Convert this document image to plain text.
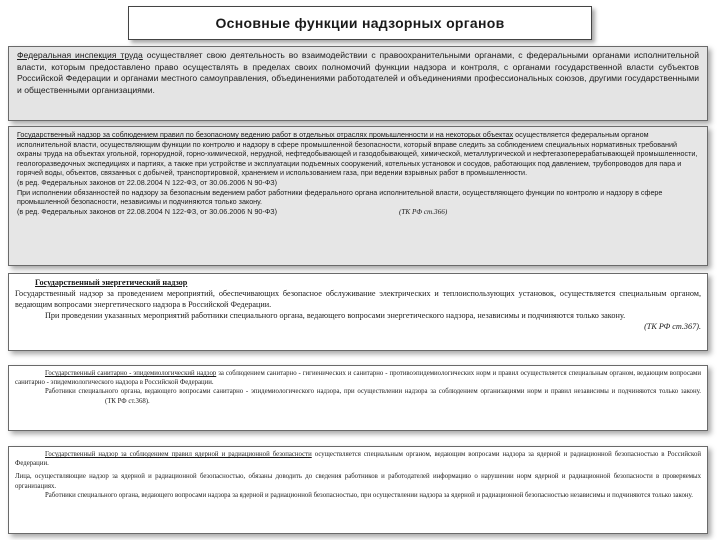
Основные функции надзорных органов

Федеральная инспекция труда осуществляет свою деятельность во взаимодействии с правоохранительными органами, с федеральными органами исполнительной власти, которым предоставлено право осуществлять в пределах своих полномочий функции надзора и контроля, с органами государственной власти субъектов Российской Федерации и органами местного самоуправления, объединениями работодателей и объединениями профессиональных союзов, другими государственными и общественными организациями.

Государственный надзор за соблюдением правил по безопасному ведению работ в отдельных отраслях промышленности и на некоторых объектах осуществляется федеральным органом исполнительной власти, осуществляющим функции по контролю и надзору в сфере промышленной безопасности, который вправе следить за соблюдением специальных нормативных требований охраны труда на объектах угольной, горнорудной, горно-химической, нерудной, нефтедобывающей и газодобывающей, химической, металлургической и нефтегазоперерабатывающей промышленности, геологоразведочных экспедициях и партиях, а также при устройстве и эксплуатации подъемных сооружений, котельных установок и сосудов, работающих под давлением, трубопроводов для пара и горячей воды, объектов, связанных с добычей, транспортировкой, хранением и использованием газа, при ведении взрывных работ в промышленности.

(в ред. Федеральных законов от 22.08.2004 N 122-ФЗ, от 30.06.2006 N 90-ФЗ)

При исполнении обязанностей по надзору за безопасным ведением работ работники федерального органа исполнительной власти, осуществляющего функции по контролю и надзору в сфере промышленной безопасности, независимы и подчиняются только закону.

(в ред. Федеральных законов от 22.08.2004 N 122-ФЗ, от 30.06.2006 N 90-ФЗ)	(ТК РФ ст.366)

Государственный энергетический надзор

Государственный надзор за проведением мероприятий, обеспечивающих безопасное обслуживание электрических и теплоиспользующих установок, осуществляется специальным органом, ведающим вопросами энергетического надзора в Российской Федерации.

При проведении указанных мероприятий работники специального органа, ведающего вопросами энергетического надзора, независимы и подчиняются только закону.
(ТК РФ ст.367).

Государственный санитарно - эпидемиологический надзор за соблюдением санитарно - гигиенических и санитарно - противоэпидемиологических норм и правил осуществляется специальным органом, ведающим вопросами санитарно - эпидемиологического надзора в Российской Федерации.

Работники специального органа, ведающего вопросами санитарно - эпидемиологического надзора, при осуществлении надзора за соблюдением организациями норм и правил независимы и подчиняются только закону. (ТК РФ ст.368).

Государственный надзор за соблюдением правил ядерной и радиационной безопасности осуществляется специальным органом, ведающим вопросами надзора за ядерной и радиационной безопасностью в Российской Федерации.

Лица, осуществляющие надзор за ядерной и радиационной безопасностью, обязаны доводить до сведения работников и работодателей информацию о нарушении норм ядерной и радиационной безопасности в проверяемых организациях.

Работники специального органа, ведающего вопросами надзора за ядерной и радиационной безопасностью, при осуществлении надзора за ядерной и радиационной безопасностью независимы и подчиняются только закону.
